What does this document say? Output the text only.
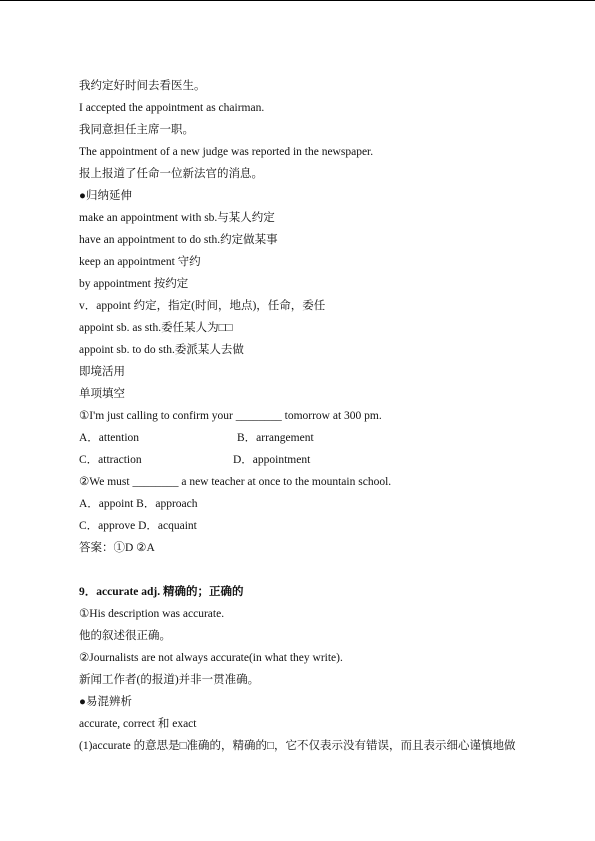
我约定好时间去看医生。
I accepted the appointment as chairman.
我同意担任主席一职。
The appointment of a new judge was reported in the newspaper.
报上报道了任命一位新法官的消息。
●归纳延伸
make an appointment with sb.与某人约定
have an appointment to do sth.约定做某事
keep an appointment 守约
by appointment 按约定
v．appoint 约定，指定(时间，地点)，任命，委任
appoint sb. as sth.委任某人为□□
appoint sb. to do sth.委派某人去做
即境活用
单项填空
①I'm just calling to confirm your ________ tomorrow at 300 pm.
A．attention	B．arrangement
C．attraction	D．appointment
②We must ________ a new teacher at once to the mountain school.
A．appoint B．approach
C．approve D．acquaint
答案：①D ②A
9．accurate adj. 精确的；正确的
①His description was accurate.
他的叙述很正确。
②Journalists are not always accurate(in what they write).
新闻工作者(的报道)并非一贯准确。
●易混辨析
accurate, correct 和 exact
(1)accurate 的意思是□准确的，精确的□，它不仅表示没有错误，而且表示细心谨慎地做
